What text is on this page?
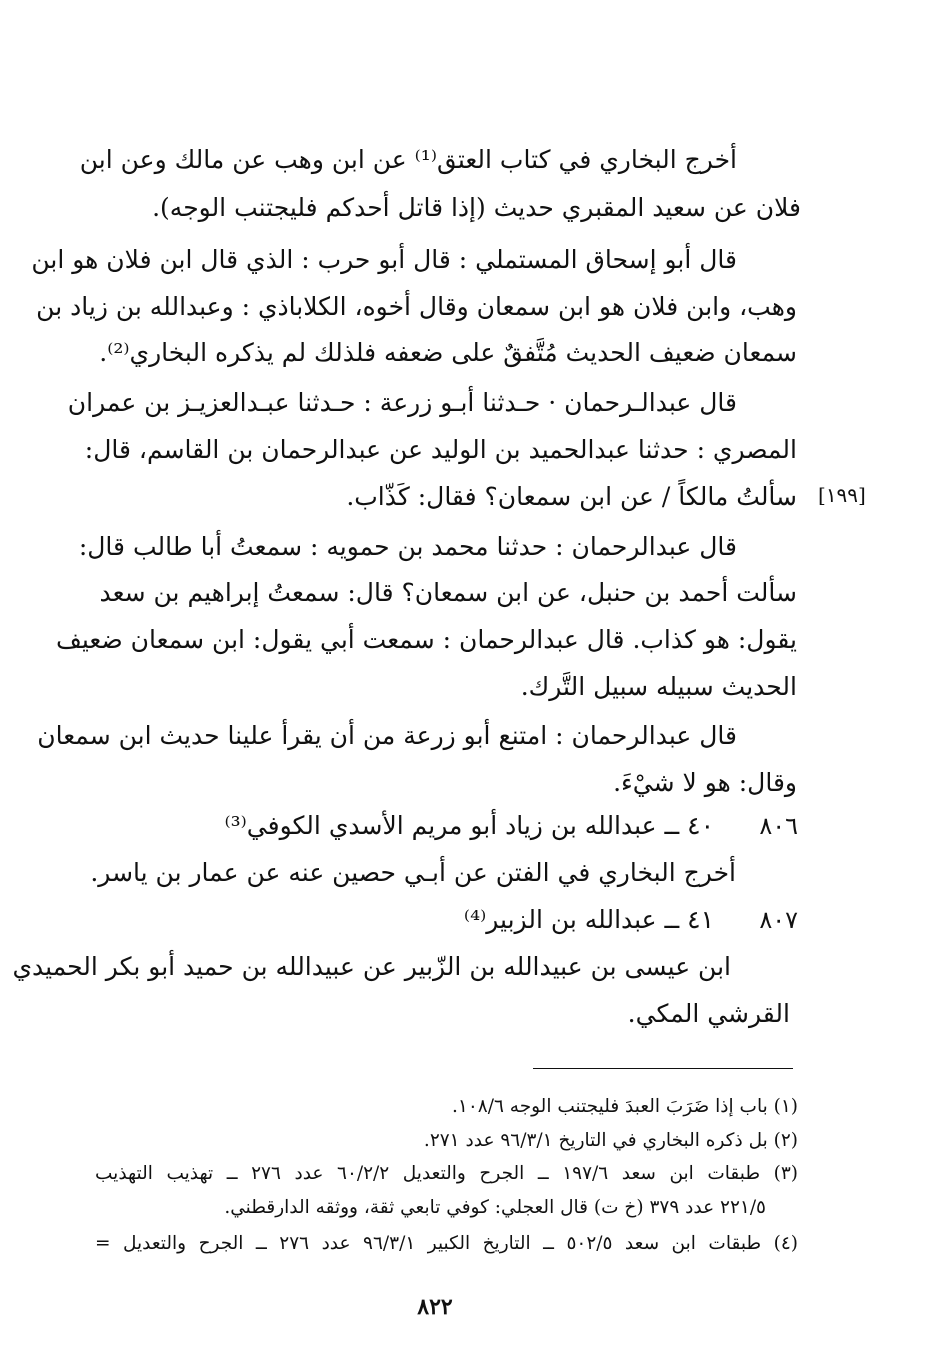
أخرج البخاري في كتاب العتق⁽¹⁾ عن ابن وهب عن مالك وعن ابن
فلان عن سعيد المقبري حديث (إذا قاتل أحدكم فليجتنب الوجه).
قال أبو إسحاق المستملي : قال أبو حرب : الذي قال ابن فلان هو ابن
وهب، وابن فلان هو ابن سمعان وقال أخوه، الكلاباذي : وعبدالله بن زياد بن
سمعان ضعيف الحديث مُتَّفقٌ على ضعفه فلذلك لم يذكره البخاري⁽²⁾.
قال عبدالـرحمان · حـدثنا أبـو زرعة : حـدثنا عبـدالعزيـز بن عمران
المصري : حدثنا عبدالحميد بن الوليد عن عبدالرحمان بن القاسم، قال:
[١٩٩]
سألتُ مالكاً / عن ابن سمعان؟ فقال: كَذّاب.
قال عبدالرحمان : حدثنا محمد بن حمويه : سمعتُ أبا طالب قال:
سألت أحمد بن حنبل، عن ابن سمعان؟ قال: سمعتُ إبراهيم بن سعد
يقول: هو كذاب. قال عبدالرحمان : سمعت أبي يقول: ابن سمعان ضعيف
الحديث سبيله سبيل التَّرك.
قال عبدالرحمان : امتنع أبو زرعة من أن يقرأ علينا حديث ابن سمعان
وقال: هو لا شيْءَ.
٨٠٦
٤٠ ــ عبدالله بن زياد أبو مريم الأسدي الكوفي⁽³⁾
أخرج البخاري في الفتن عن أبـي حصين عنه عن عمار بن ياسر.
٨٠٧
٤١ ــ عبدالله بن الزبير⁽⁴⁾
ابن عيسى بن عبيدالله بن الزّبير عن عبيدالله بن حميد أبو بكر الحميدي
القرشي المكي.
(١) باب إذا ضَرَبَ العبدَ فليجتنب الوجه ١٠٨/٦.
(٢) بل ذكره البخاري في التاريخ ٩٦/٣/١ عدد ٢٧١.
(٣) طبقات ابن سعد ١٩٧/٦ ــ الجرح والتعديل ٦٠/٢/٢ عدد ٢٧٦ ــ تهذيب التهذيب
٢٢١/٥ عدد ٣٧٩ (خ ت) قال العجلي: كوفي تابعي ثقة، ووثقه الدارقطني.
(٤) طبقات ابن سعد ٥٠٢/٥ ــ التاريخ الكبير ٩٦/٣/١ عدد ٢٧٦ ــ الجرح والتعديل =
٨٢٢
